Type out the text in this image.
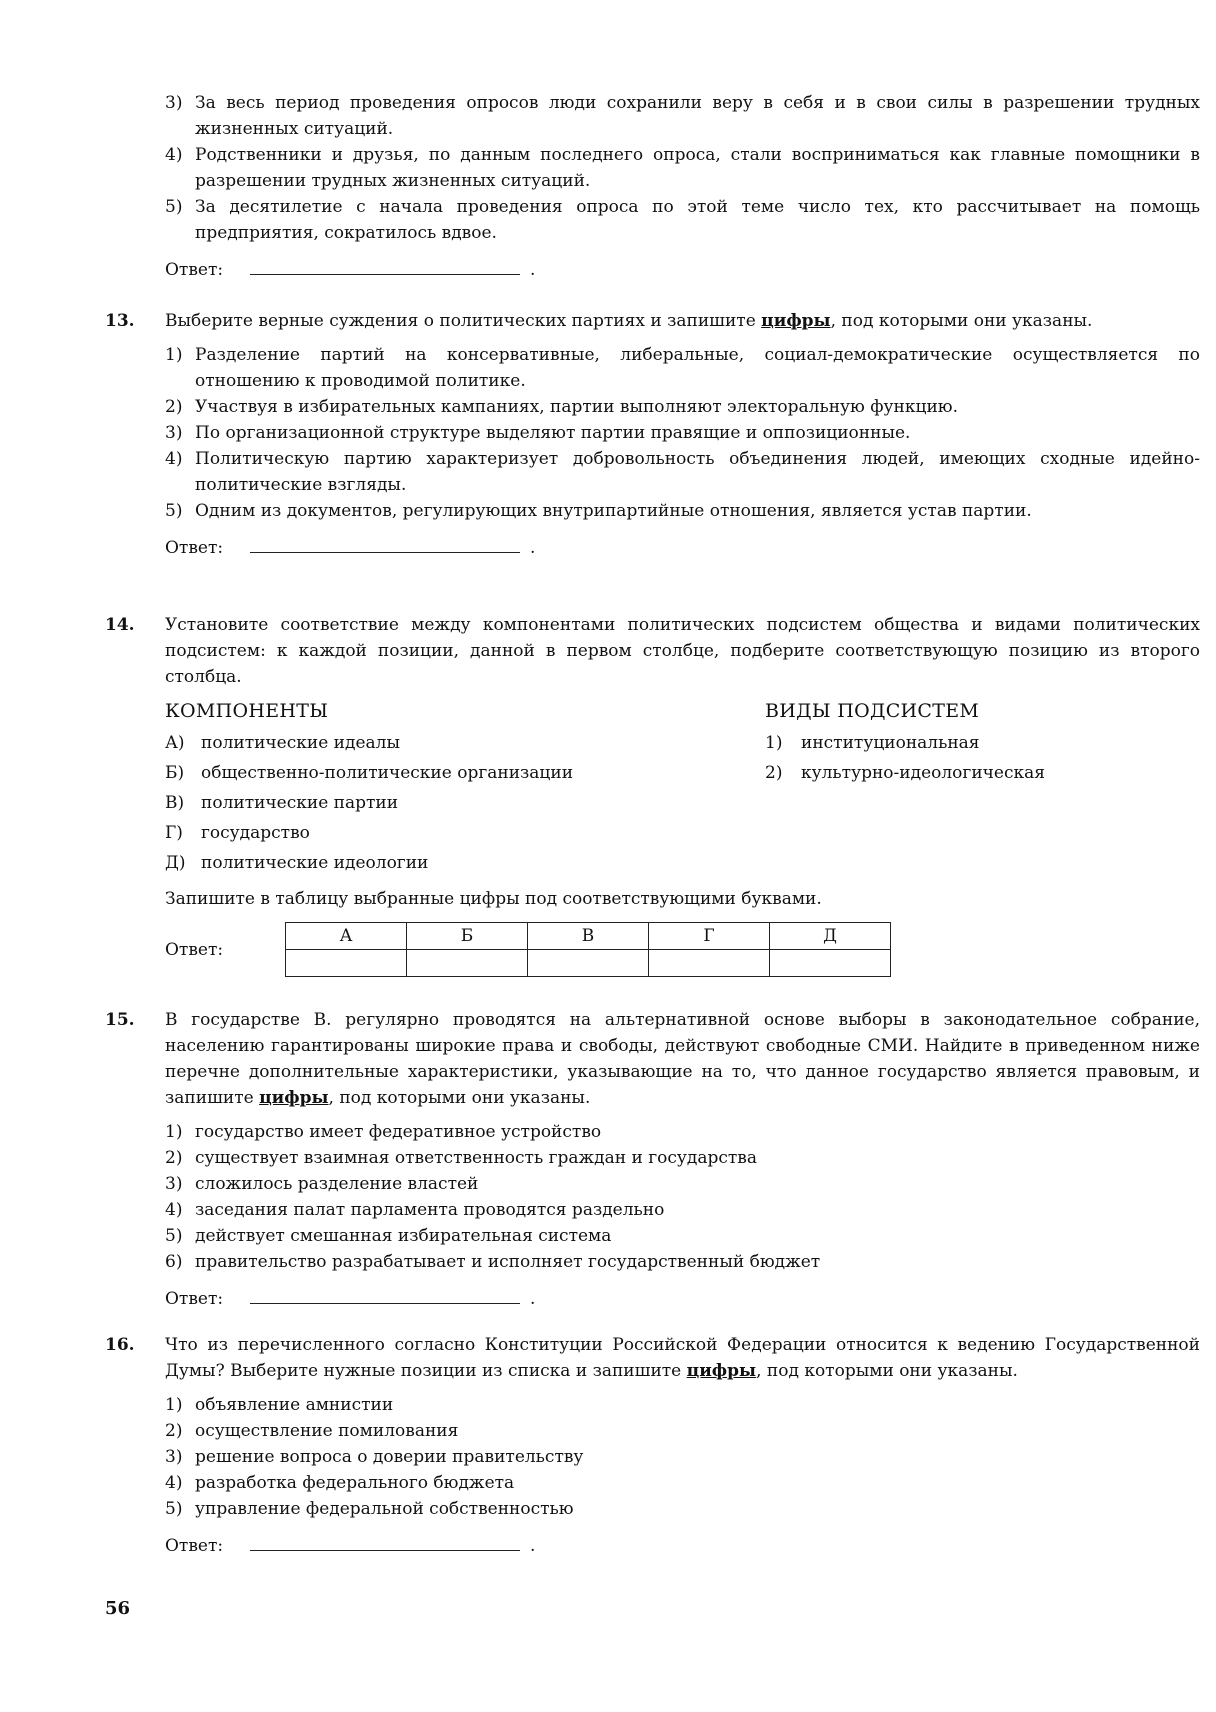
3) За весь период проведения опросов люди сохранили веру в себя и в свои силы в разрешении трудных жизненных ситуаций.
4) Родственники и друзья, по данным последнего опроса, стали восприниматься как главные помощники в разрешении трудных жизненных ситуаций.
5) За десятилетие с начала проведения опроса по этой теме число тех, кто рассчитывает на помощь предприятия, сократилось вдвое.
Ответ:	.
13.	Выберите верные суждения о политических партиях и запишите цифры, под которыми они указаны.
1) Разделение партий на консервативные, либеральные, социал-демократические осуществляется по отношению к проводимой политике.
2) Участвуя в избирательных кампаниях, партии выполняют электоральную функцию.
3) По организационной структуре выделяют партии правящие и оппозиционные.
4) Политическую партию характеризует добровольность объединения людей, имеющих сходные идейно-политические взгляды.
5) Одним из документов, регулирующих внутрипартийные отношения, является устав партии.
Ответ:	.
14.	Установите соответствие между компонентами политических подсистем общества и видами политических подсистем: к каждой позиции, данной в первом столбце, подберите соответствующую позицию из второго столбца.
КОМПОНЕНТЫ
А) политические идеалы
Б) общественно-политические организации
В) политические партии
Г)	государство
Д) политические идеологии
ВИДЫ ПОДСИСТЕМ
1)	институциональная
2)	культурно-идеологическая
Запишите в таблицу выбранные цифры под соответствующими буквами.
Ответ:
А	Б	В	Г	Д

15.	В государстве В. регулярно проводятся на альтернативной основе выборы в законодательное собрание, населению гарантированы широкие права и свободы, действуют свободные СМИ. Найдите в приведенном ниже перечне дополнительные характеристики, указывающие на то, что данное государство является правовым, и запишите цифры, под которыми они указаны.
1) государство имеет федеративное устройство
2) существует взаимная ответственность граждан и государства
3) сложилось разделение властей
4) заседания палат парламента проводятся раздельно
5) действует смешанная избирательная система
6) правительство разрабатывает и исполняет государственный бюджет
Ответ:	.
16.	Что из перечисленного согласно Конституции Российской Федерации относится к ведению Государственной Думы? Выберите нужные позиции из списка и запишите цифры, под которыми они указаны.
1) объявление амнистии
2) осуществление помилования
3) решение вопроса о доверии правительству
4) разработка федерального бюджета
5) управление федеральной собственностью
Ответ:	.
56
